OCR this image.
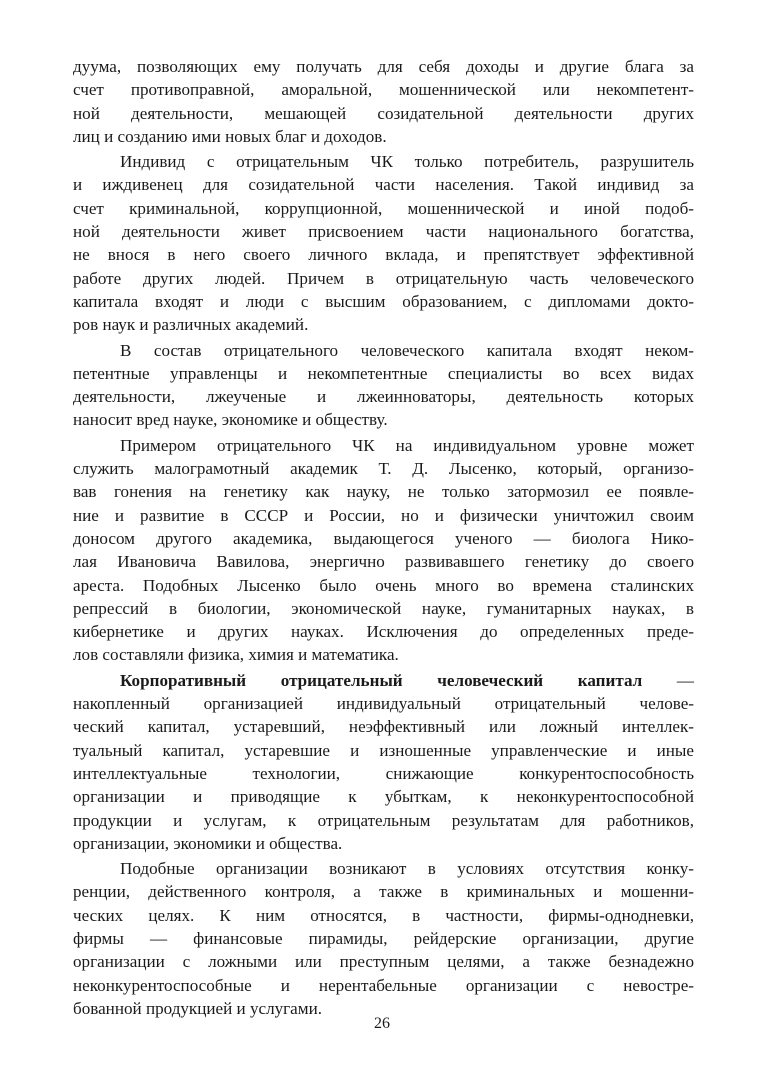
дуума, позволяющих ему получать для себя доходы и другие блага за
счет противоправной, аморальной, мошеннической или некомпетент-
ной деятельности, мешающей созидательной деятельности других
лиц и созданию ими новых благ и доходов.
Индивид с отрицательным ЧК только потребитель, разрушитель
и иждивенец для созидательной части населения. Такой индивид за
счет криминальной, коррупционной, мошеннической и иной подоб-
ной деятельности живет присвоением части национального богатства,
не внося в него своего личного вклада, и препятствует эффективной
работе других людей. Причем в отрицательную часть человеческого
капитала входят и люди с высшим образованием, с дипломами докто-
ров наук и различных академий.
В состав отрицательного человеческого капитала входят неком-
петентные управленцы и некомпетентные специалисты во всех видах
деятельности, лжеученые и лжеинноваторы, деятельность которых
наносит вред науке, экономике и обществу.
Примером отрицательного ЧК на индивидуальном уровне может
служить малограмотный академик Т. Д. Лысенко, который, организо-
вав гонения на генетику как науку, не только затормозил ее появле-
ние и развитие в СССР и России, но и физически уничтожил своим
доносом другого академика, выдающегося ученого — биолога Нико-
лая Ивановича Вавилова, энергично развивавшего генетику до своего
ареста. Подобных Лысенко было очень много во времена сталинских
репрессий в биологии, экономической науке, гуманитарных науках, в
кибернетике и других науках. Исключения до определенных преде-
лов составляли физика, химия и математика.
Корпоративный отрицательный человеческий капитал —
накопленный организацией индивидуальный отрицательный челове-
ческий капитал, устаревший, неэффективный или ложный интеллек-
туальный капитал, устаревшие и изношенные управленческие и иные
интеллектуальные технологии, снижающие конкурентоспособность
организации и приводящие к убыткам, к неконкурентоспособной
продукции и услугам, к отрицательным результатам для работников,
организации, экономики и общества.
Подобные организации возникают в условиях отсутствия конку-
ренции, действенного контроля, а также в криминальных и мошенни-
ческих целях. К ним относятся, в частности, фирмы-однодневки,
фирмы — финансовые пирамиды, рейдерские организации, другие
организации с ложными или преступным целями, а также безнадежно
неконкурентоспособные и нерентабельные организации с невостре-
бованной продукцией и услугами.
26
